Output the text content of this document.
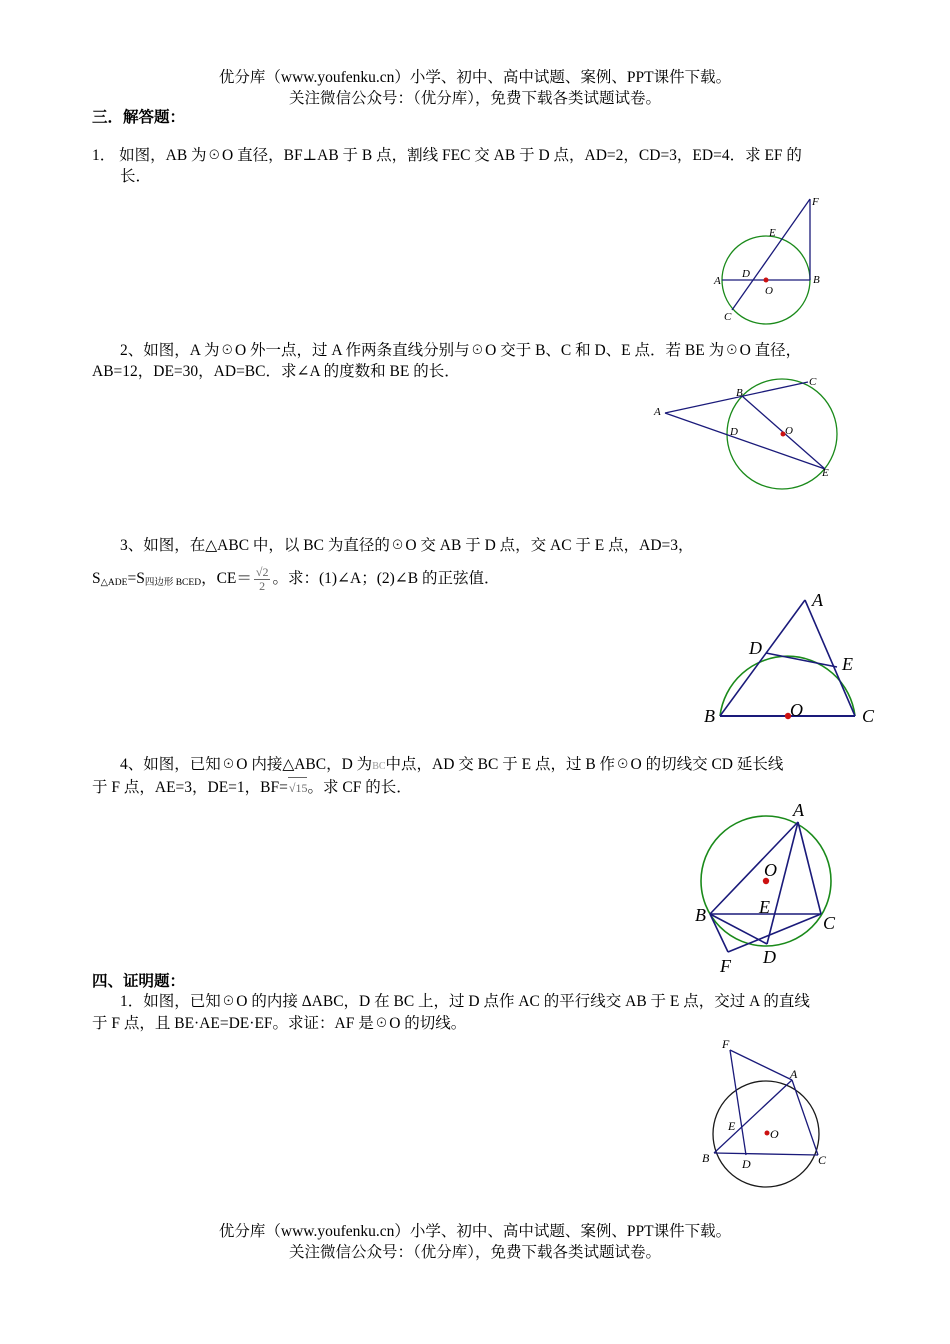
优分库（www.youfenku.cn）小学、初中、高中试题、案例、PPT课件下载。
关注微信公众号：（优分库），免费下载各类试题试卷。
三．解答题：
1． 如图，AB 为☉O 直径，BF⊥AB 于 B 点，割线 FEC 交 AB 于 D 点，AD=2，CD=3，ED=4．求 EF 的
长．
F
E
A
D
O
B
C
2、如图，A 为☉O 外一点，过 A 作两条直线分别与☉O 交于 B、C 和 D、E 点．若 BE 为☉O 直径，
AB=12，DE=30，AD=BC．求∠A 的度数和 BE 的长．
A
B
C
D	O
E
3、如图，在△ABC 中，以 BC 为直径的☉O 交 AB 于 D 点，交 AC 于 E 点，AD=3，
$S_{\triangle ADE}=S_{四边形 BCED}$，$CE= \frac{√2}{2}$ 。求：(1)∠A；(2)∠B 的正弦值．
A
D
E
B	O	C
4、如图，已知☉O 内接△ABC，D 为BC中点，AD 交 BC 于 E 点，过 B 作☉O 的切线交 CD 延长线
于 F 点，AE=3，DE=1，BF=√15。求 CF 的长．
A
O
B	E
C
F D
四、证明题：
1．如图，已知☉O 的内接 ΔABC，D 在 BC 上，过 D 点作 AC 的平行线交 AB 于 E 点，交过 A 的直线
于 F 点，且 BE·AE=DE·EF。求证：AF 是☉O 的切线。
F
A
E
O
B	D	C
优分库（www.youfenku.cn）小学、初中、高中试题、案例、PPT课件下载。
关注微信公众号：（优分库），免费下载各类试题试卷。
